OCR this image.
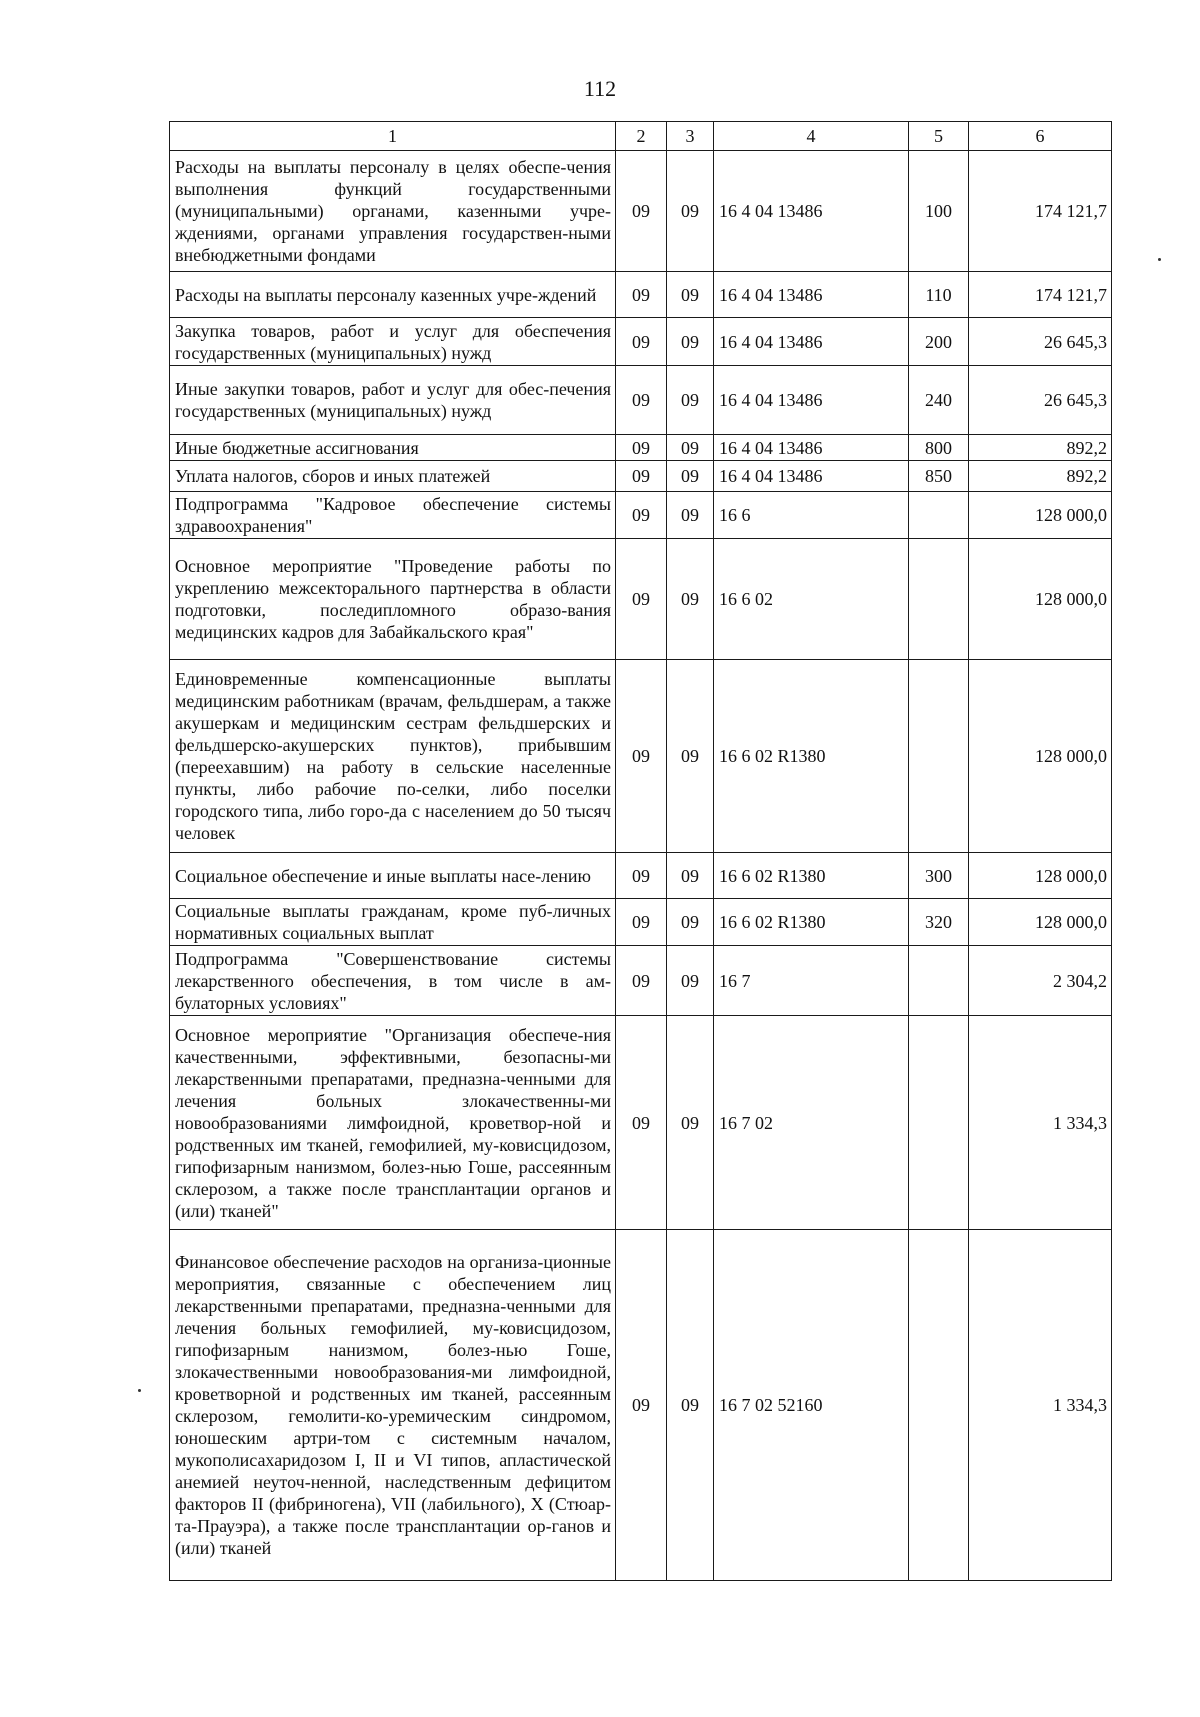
112
1	2	3	4	5	6
Расходы на выплаты персоналу в целях обеспе-чения выполнения функций государственными (муниципальными) органами, казенными учре-ждениями, органами управления государствен-ными внебюджетными фондами	09	09	16 4 04 13486	100	174 121,7
Расходы на выплаты персоналу казенных учре-ждений	09	09	16 4 04 13486	110	174 121,7
Закупка товаров, работ и услуг для обеспечения государственных (муниципальных) нужд	09	09	16 4 04 13486	200	26 645,3
Иные закупки товаров, работ и услуг для обес-печения государственных (муниципальных) нужд	09	09	16 4 04 13486	240	26 645,3
Иные бюджетные ассигнования	09	09	16 4 04 13486	800	892,2
Уплата налогов, сборов и иных платежей	09	09	16 4 04 13486	850	892,2
Подпрограмма "Кадровое обеспечение системы здравоохранения"	09	09	16 6		128 000,0
Основное мероприятие "Проведение работы по укреплению межсекторального партнерства в области подготовки, последипломного образо-вания медицинских кадров для Забайкальского края"	09	09	16 6 02		128 000,0
Единовременные компенсационные выплаты медицинским работникам (врачам, фельдшерам, а также акушеркам и медицинским сестрам фельдшерских и фельдшерско-акушерских пунктов), прибывшим (переехавшим) на работу в сельские населенные пункты, либо рабочие по-селки, либо поселки городского типа, либо горо-да с населением до 50 тысяч человек	09	09	16 6 02 R1380		128 000,0
Социальное обеспечение и иные выплаты насе-лению	09	09	16 6 02 R1380	300	128 000,0
Социальные выплаты гражданам, кроме пуб-личных нормативных социальных выплат	09	09	16 6 02 R1380	320	128 000,0
Подпрограмма "Совершенствование системы лекарственного обеспечения, в том числе в ам-булаторных условиях"	09	09	16 7		2 304,2
Основное мероприятие "Организация обеспече-ния качественными, эффективными, безопасны-ми лекарственными препаратами, предназна-ченными для лечения больных злокачественны-ми новообразованиями лимфоидной, кроветвор-ной и родственных им тканей, гемофилией, му-ковисцидозом, гипофизарным нанизмом, болез-нью Гоше, рассеянным склерозом, а также после трансплантации органов и (или) тканей"	09	09	16 7 02		1 334,3
Финансовое обеспечение расходов на организа-ционные мероприятия, связанные с обеспечением лиц лекарственными препаратами, предназна-ченными для лечения больных гемофилией, му-ковисцидозом, гипофизарным нанизмом, болез-нью Гоше, злокачественными новообразования-ми лимфоидной, кроветворной и родственных им тканей, рассеянным склерозом, гемолити-ко-уремическим синдромом, юношеским артри-том с системным началом, мукополисахаридозом I, II и VI типов, апластической анемией неуточ-ненной, наследственным дефицитом факторов II (фибриногена), VII (лабильного), X (Стюар-та-Прауэра), а также после трансплантации ор-ганов и (или) тканей	09	09	16 7 02 52160		1 334,3
